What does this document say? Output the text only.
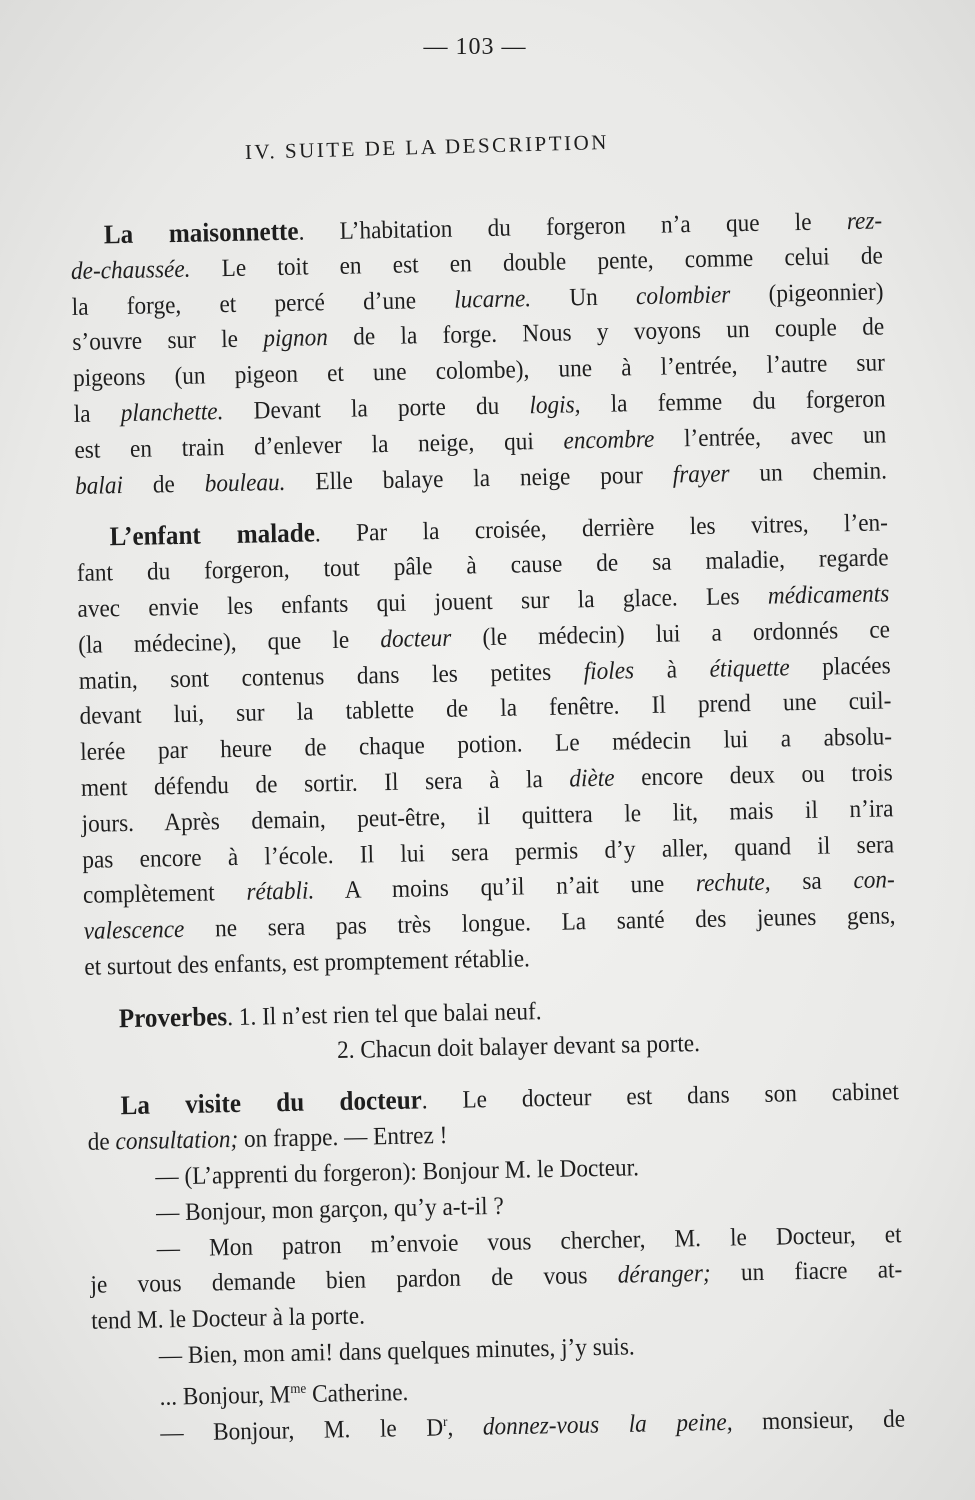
— 103 —
IV. SUITE DE LA DESCRIPTION
La maisonnette. L’habitation du forgeron n’a que le rez-
de-chaussée. Le toit en est en double pente, comme celui de
la forge, et percé d’une lucarne. Un colombier (pigeonnier)
s’ouvre sur le pignon de la forge. Nous y voyons un couple de
pigeons (un pigeon et une colombe), une à l’entrée, l’autre sur
la planchette. Devant la porte du logis, la femme du forgeron
est en train d’enlever la neige, qui encombre l’entrée, avec un
balai de bouleau. Elle balaye la neige pour frayer un chemin.
L’enfant malade. Par la croisée, derrière les vitres, l’en-
fant du forgeron, tout pâle à cause de sa maladie, regarde
avec envie les enfants qui jouent sur la glace. Les médicaments
(la médecine), que le docteur (le médecin) lui a ordonnés ce
matin, sont contenus dans les petites fioles à étiquette placées
devant lui, sur la tablette de la fenêtre. Il prend une cuil-
lerée par heure de chaque potion. Le médecin lui a absolu-
ment défendu de sortir. Il sera à la diète encore deux ou trois
jours. Après demain, peut-être, il quittera le lit, mais il n’ira
pas encore à l’école. Il lui sera permis d’y aller, quand il sera
complètement rétabli. A moins qu’il n’ait une rechute, sa con-
valescence ne sera pas très longue. La santé des jeunes gens,
et surtout des enfants, est promptement rétablie.
Proverbes. 1. Il n’est rien tel que balai neuf.
2. Chacun doit balayer devant sa porte.
La visite du docteur. Le docteur est dans son cabinet
de consultation; on frappe. — Entrez !
— (L’apprenti du forgeron): Bonjour M. le Docteur.
— Bonjour, mon garçon, qu’y a-t-il ?
— Mon patron m’envoie vous chercher, M. le Docteur, et
je vous demande bien pardon de vous déranger; un fiacre at-
tend M. le Docteur à la porte.
— Bien, mon ami! dans quelques minutes, j’y suis.
... Bonjour, $M^{me}$ Catherine.
— Bonjour, M. le $D^r$, donnez-vous la peine, monsieur, de
